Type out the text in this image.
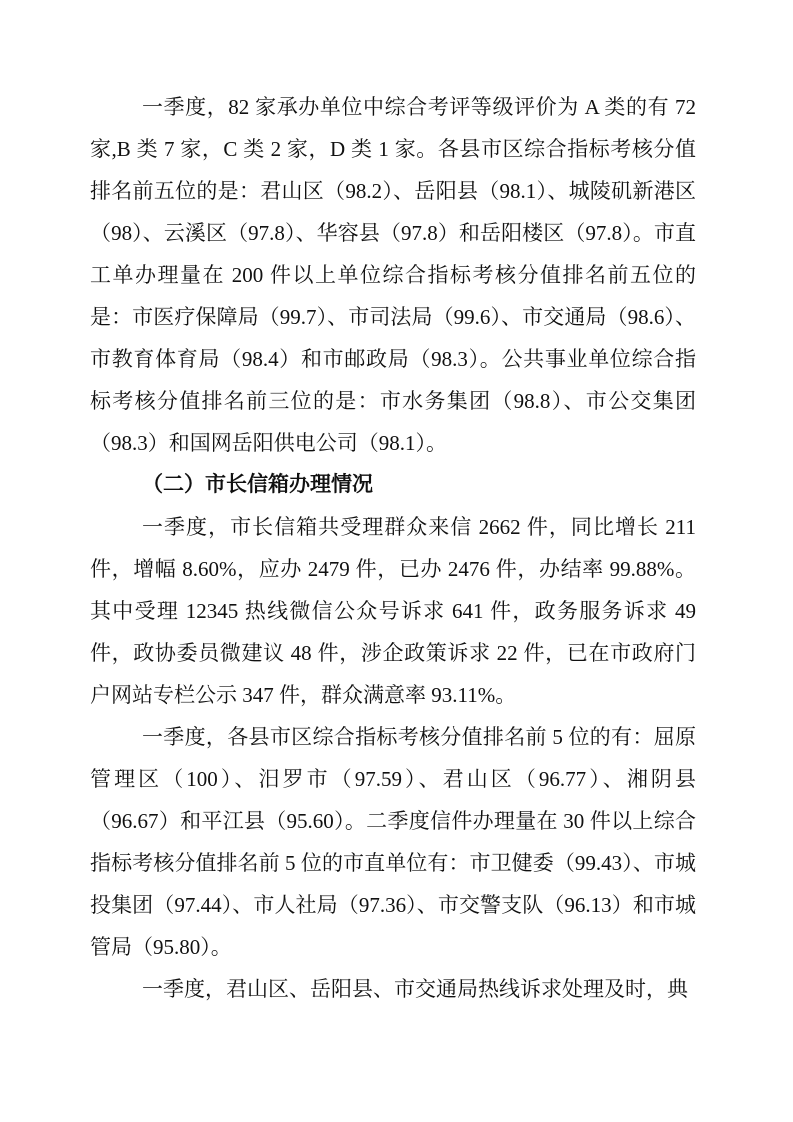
一季度，82 家承办单位中综合考评等级评价为 A 类的有 72 家,B 类 7 家，C 类 2 家，D 类 1 家。各县市区综合指标考核分值排名前五位的是：君山区（98.2）、岳阳县（98.1）、城陵矶新港区（98）、云溪区（97.8）、华容县（97.8）和岳阳楼区（97.8）。市直工单办理量在 200 件以上单位综合指标考核分值排名前五位的是：市医疗保障局（99.7）、市司法局（99.6）、市交通局（98.6）、市教育体育局（98.4）和市邮政局（98.3）。公共事业单位综合指标考核分值排名前三位的是：市水务集团（98.8）、市公交集团（98.3）和国网岳阳供电公司（98.1）。

（二）市长信箱办理情况

一季度，市长信箱共受理群众来信 2662 件，同比增长 211 件，增幅 8.60%，应办 2479 件，已办 2476 件，办结率 99.88%。其中受理 12345 热线微信公众号诉求 641 件，政务服务诉求 49 件，政协委员微建议 48 件，涉企政策诉求 22 件，已在市政府门户网站专栏公示 347 件，群众满意率 93.11%。

一季度，各县市区综合指标考核分值排名前 5 位的有：屈原管理区（100）、汨罗市（97.59）、君山区（96.77）、湘阴县（96.67）和平江县（95.60）。二季度信件办理量在 30 件以上综合指标考核分值排名前 5 位的市直单位有：市卫健委（99.43）、市城投集团（97.44）、市人社局（97.36）、市交警支队（96.13）和市城管局（95.80）。

一季度，君山区、岳阳县、市交通局热线诉求处理及时，典
